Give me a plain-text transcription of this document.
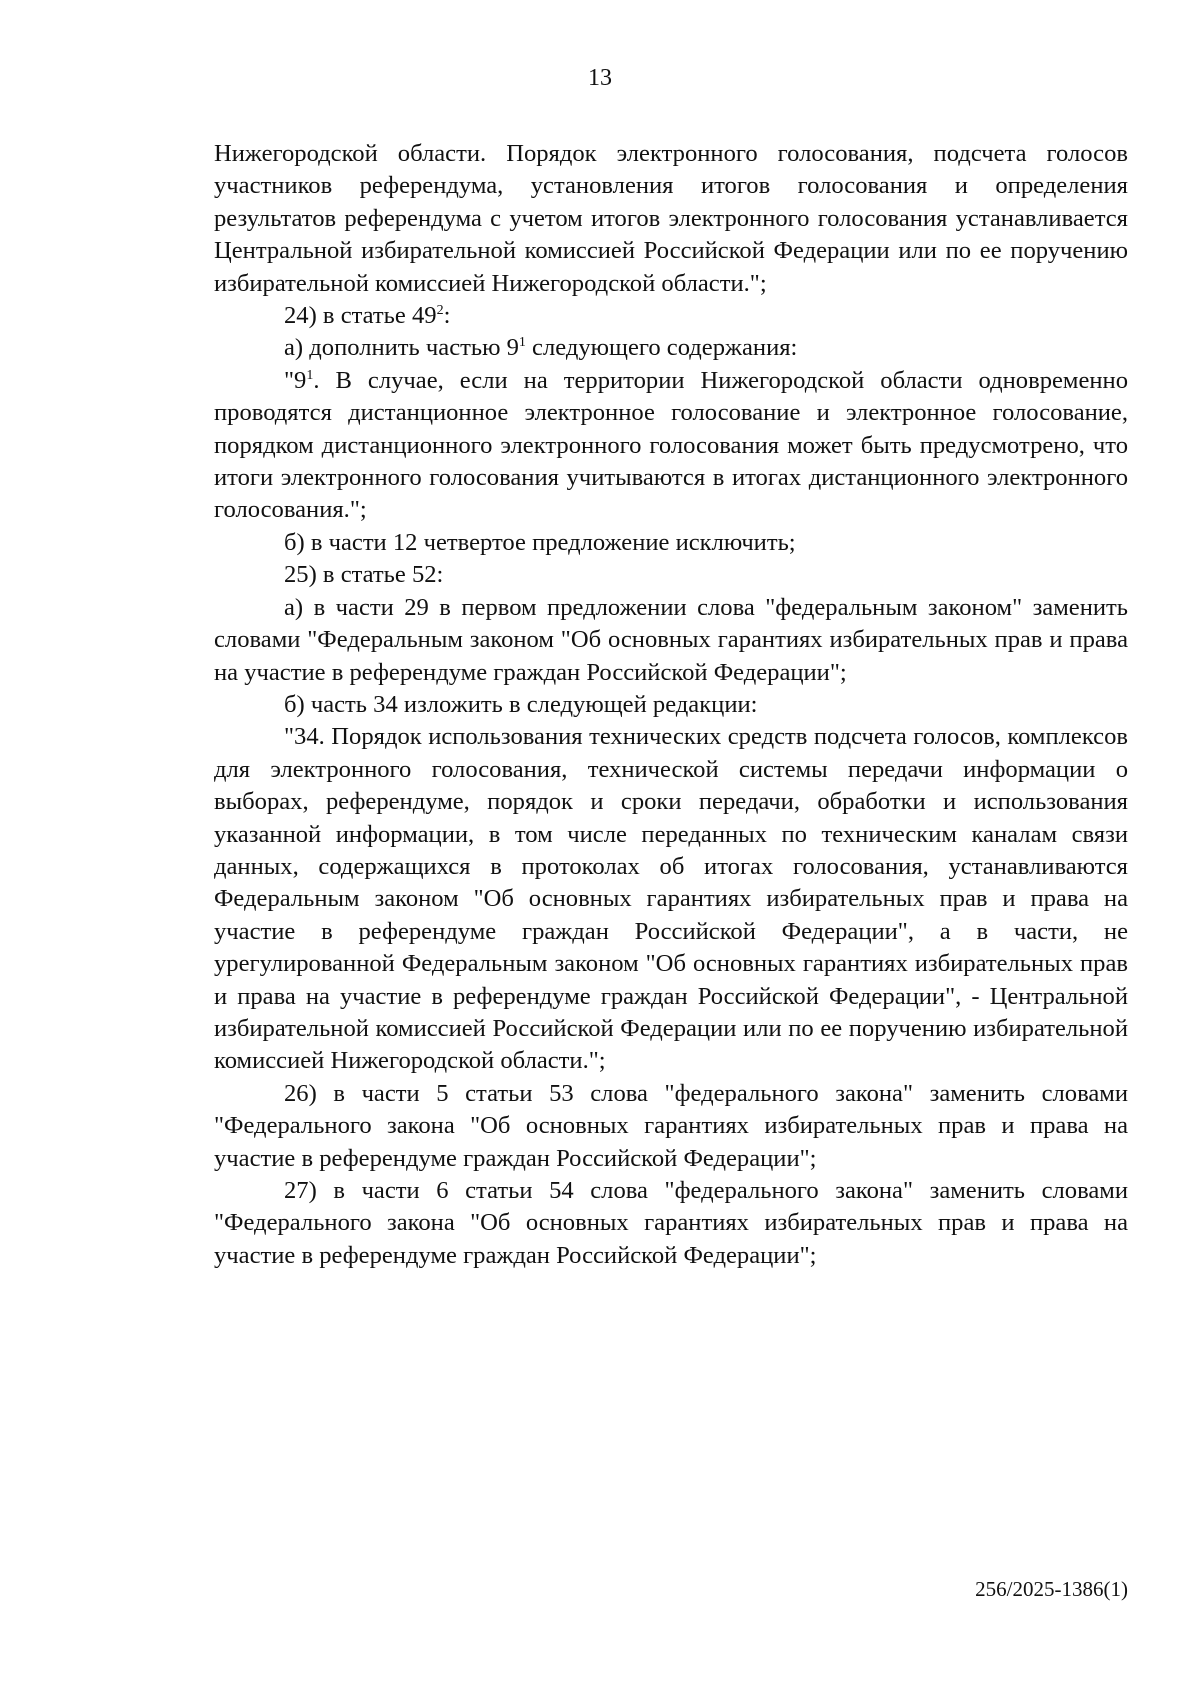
13

Нижегородской области. Порядок электронного голосования, подсчета голосов участников референдума, установления итогов голосования и определения результатов референдума с учетом итогов электронного голосования устанавливается Центральной избирательной комиссией Российской Федерации или по ее поручению избирательной комиссией Нижегородской области.";

24) в статье $49^2$:

а) дополнить частью $9^1$ следующего содержания:

"$9^1$. В случае, если на территории Нижегородской области одновременно проводятся дистанционное электронное голосование и электронное голосование, порядком дистанционного электронного голосования может быть предусмотрено, что итоги электронного голосования учитываются в итогах дистанционного электронного голосования.";

б) в части 12 четвертое предложение исключить;

25) в статье 52:

а) в части 29 в первом предложении слова "федеральным законом" заменить словами "Федеральным законом "Об основных гарантиях избирательных прав и права на участие в референдуме граждан Российской Федерации";

б) часть 34 изложить в следующей редакции:

"34. Порядок использования технических средств подсчета голосов, комплексов для электронного голосования, технической системы передачи информации о выборах, референдуме, порядок и сроки передачи, обработки и использования указанной информации, в том числе переданных по техническим каналам связи данных, содержащихся в протоколах об итогах голосования, устанавливаются Федеральным законом "Об основных гарантиях избирательных прав и права на участие в референдуме граждан Российской Федерации", а в части, не урегулированной Федеральным законом "Об основных гарантиях избирательных прав и права на участие в референдуме граждан Российской Федерации", - Центральной избирательной комиссией Российской Федерации или по ее поручению избирательной комиссией Нижегородской области.";

26) в части 5 статьи 53 слова "федерального закона" заменить словами "Федерального закона "Об основных гарантиях избирательных прав и права на участие в референдуме граждан Российской Федерации";

27) в части 6 статьи 54 слова "федерального закона" заменить словами "Федерального закона "Об основных гарантиях избирательных прав и права на участие в референдуме граждан Российской Федерации";

256/2025-1386(1)
